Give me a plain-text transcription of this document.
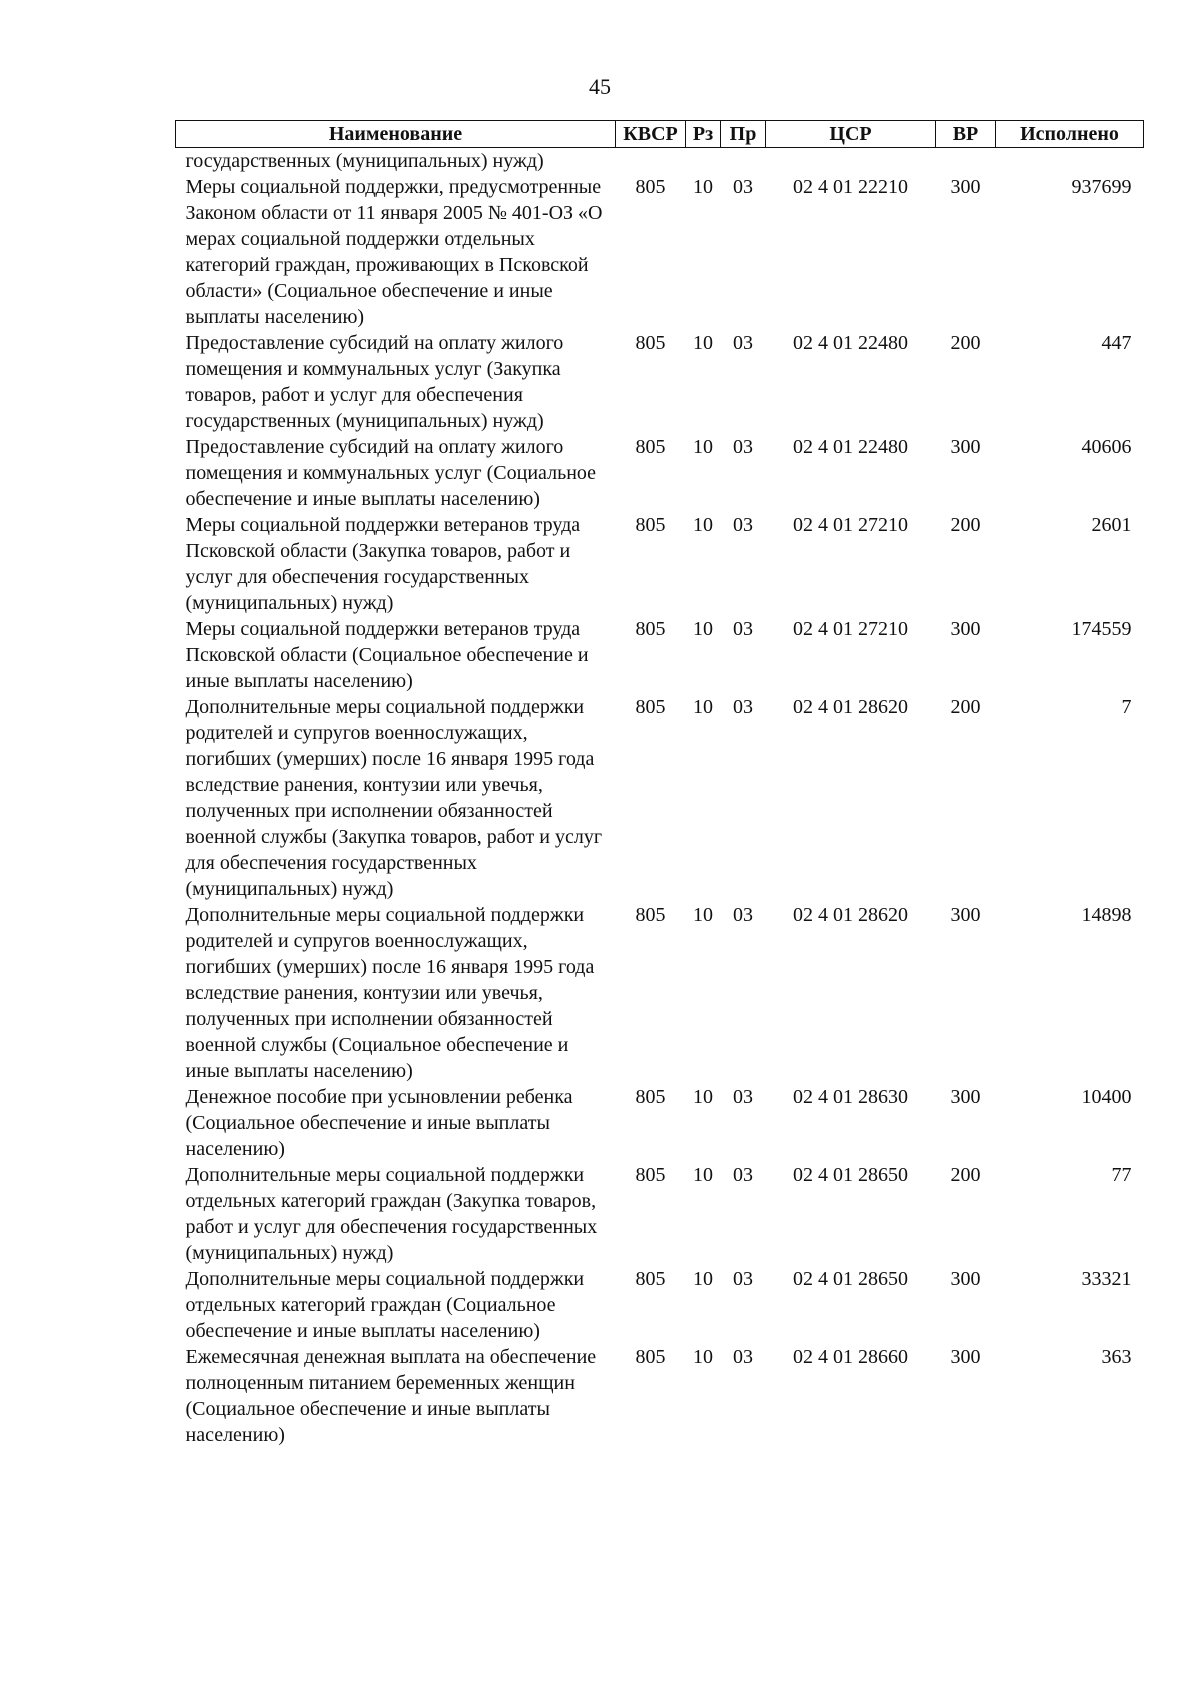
45
Наименование	КВСР	Рз	Пр	ЦСР	ВР	Исполнено
государственных (муниципальных) нужд)						
Меры социальной поддержки, предусмотренные Законом области от 11 января 2005 № 401-ОЗ «О мерах социальной поддержки отдельных категорий граждан, проживающих в Псковской области» (Социальное обеспечение и иные выплаты населению)	805	10	03	02 4 01 22210	300	937699
Предоставление субсидий на оплату жилого помещения и коммунальных услуг (Закупка товаров, работ и услуг для обеспечения государственных (муниципальных) нужд)	805	10	03	02 4 01 22480	200	447
Предоставление субсидий на оплату жилого помещения и коммунальных услуг (Социальное обеспечение и иные выплаты населению)	805	10	03	02 4 01 22480	300	40606
Меры социальной поддержки ветеранов труда Псковской области (Закупка товаров, работ и услуг для обеспечения государственных (муниципальных) нужд)	805	10	03	02 4 01 27210	200	2601
Меры социальной поддержки ветеранов труда Псковской области (Социальное обеспечение и иные выплаты населению)	805	10	03	02 4 01 27210	300	174559
Дополнительные меры социальной поддержки родителей и супругов военнослужащих, погибших (умерших) после 16 января 1995 года вследствие ранения, контузии или увечья, полученных при исполнении обязанностей военной службы (Закупка товаров, работ и услуг для обеспечения государственных (муниципальных) нужд)	805	10	03	02 4 01 28620	200	7
Дополнительные меры социальной поддержки родителей и супругов военнослужащих, погибших (умерших) после 16 января 1995 года вследствие ранения, контузии или увечья, полученных при исполнении обязанностей военной службы (Социальное обеспечение и иные выплаты населению)	805	10	03	02 4 01 28620	300	14898
Денежное пособие при усыновлении ребенка (Социальное обеспечение и иные выплаты населению)	805	10	03	02 4 01 28630	300	10400
Дополнительные меры социальной поддержки отдельных категорий граждан (Закупка товаров, работ и услуг для обеспечения государственных (муниципальных) нужд)	805	10	03	02 4 01 28650	200	77
Дополнительные меры социальной поддержки отдельных категорий граждан (Социальное обеспечение и иные выплаты населению)	805	10	03	02 4 01 28650	300	33321
Ежемесячная денежная выплата на обеспечение полноценным питанием беременных женщин (Социальное обеспечение и иные выплаты населению)	805	10	03	02 4 01 28660	300	363
